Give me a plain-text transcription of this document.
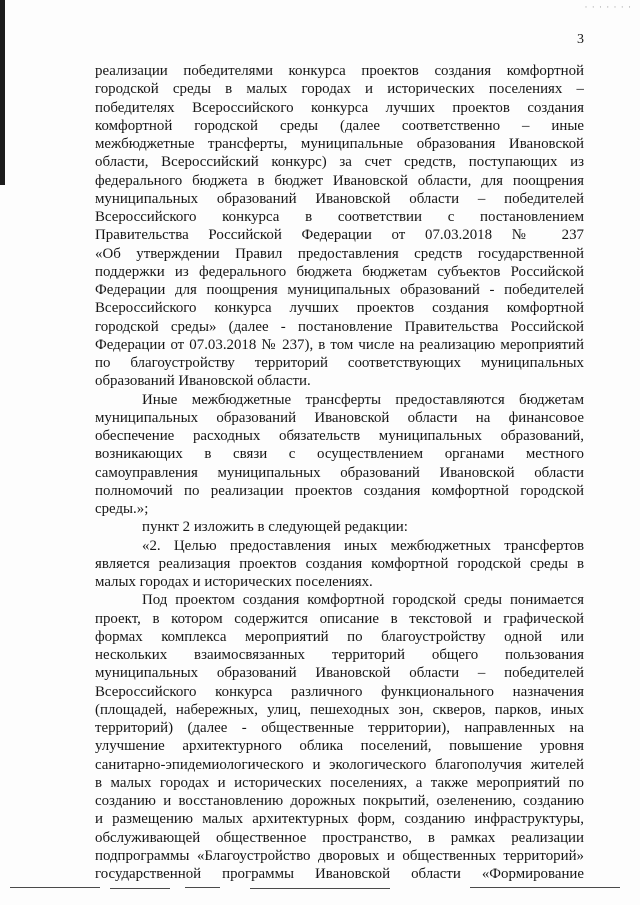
· · · · · · ·
3
реализации победителями конкурса проектов создания комфортной
городской среды в малых городах и исторических поселениях –
победителях Всероссийского конкурса лучших проектов создания
комфортной городской среды (далее соответственно – иные
межбюджетные трансферты, муниципальные образования Ивановской
области, Всероссийский конкурс) за счет средств, поступающих из
федерального бюджета в бюджет Ивановской области, для поощрения
муниципальных образований Ивановской области – победителей
Всероссийского конкурса в соответствии с постановлением
Правительства Российской Федерации от 07.03.2018 № 237
«Об утверждении Правил предоставления средств государственной
поддержки из федерального бюджета бюджетам субъектов Российской
Федерации для поощрения муниципальных образований - победителей
Всероссийского конкурса лучших проектов создания комфортной
городской среды» (далее - постановление Правительства Российской
Федерации от 07.03.2018 № 237), в том числе на реализацию мероприятий
по благоустройству территорий соответствующих муниципальных
образований Ивановской области.
Иные межбюджетные трансферты предоставляются бюджетам
муниципальных образований Ивановской области на финансовое
обеспечение расходных обязательств муниципальных образований,
возникающих в связи с осуществлением органами местного
самоуправления муниципальных образований Ивановской области
полномочий по реализации проектов создания комфортной городской
среды.»;
пункт 2 изложить в следующей редакции:
«2. Целью предоставления иных межбюджетных трансфертов
является реализация проектов создания комфортной городской среды в
малых городах и исторических поселениях.
Под проектом создания комфортной городской среды понимается
проект, в котором содержится описание в текстовой и графической
формах комплекса мероприятий по благоустройству одной или
нескольких взаимосвязанных территорий общего пользования
муниципальных образований Ивановской области – победителей
Всероссийского конкурса различного функционального назначения
(площадей, набережных, улиц, пешеходных зон, скверов, парков, иных
территорий) (далее - общественные территории), направленных на
улучшение архитектурного облика поселений, повышение уровня
санитарно-эпидемиологического и экологического благополучия жителей
в малых городах и исторических поселениях, а также мероприятий по
созданию и восстановлению дорожных покрытий, озеленению, созданию
и размещению малых архитектурных форм, созданию инфраструктуры,
обслуживающей общественное пространство, в рамках реализации
подпрограммы «Благоустройство дворовых и общественных территорий»
государственной программы Ивановской области «Формирование
